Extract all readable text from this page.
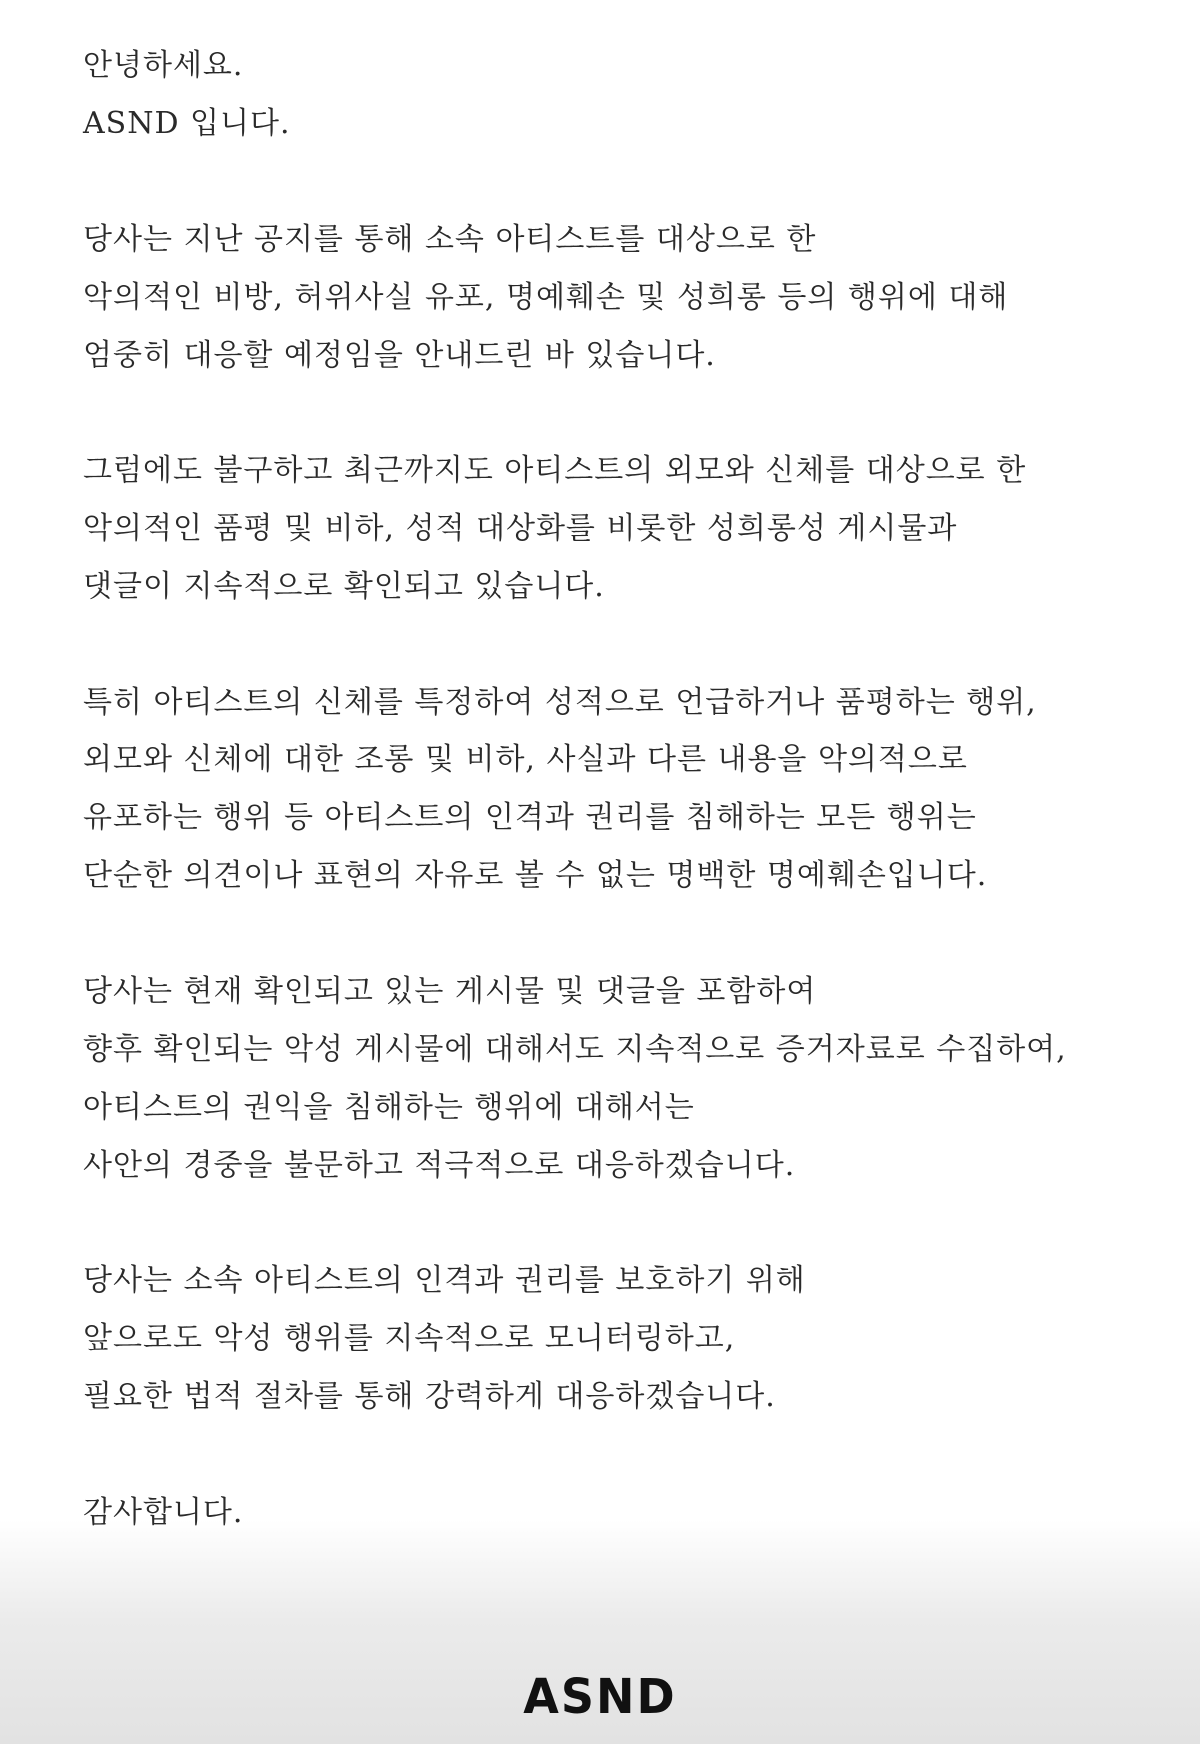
안녕하세요.

ASND 입니다.

당사는 지난 공지를 통해 소속 아티스트를 대상으로 한

악의적인 비방, 허위사실 유포, 명예훼손 및 성희롱 등의 행위에 대해

엄중히 대응할 예정임을 안내드린 바 있습니다.

그럼에도 불구하고 최근까지도 아티스트의 외모와 신체를 대상으로 한

악의적인 품평 및 비하, 성적 대상화를 비롯한 성희롱성 게시물과

댓글이 지속적으로 확인되고 있습니다.

특히 아티스트의 신체를 특정하여 성적으로 언급하거나 품평하는 행위,

외모와 신체에 대한 조롱 및 비하, 사실과 다른 내용을 악의적으로

유포하는 행위 등 아티스트의 인격과 권리를 침해하는 모든 행위는

단순한 의견이나 표현의 자유로 볼 수 없는 명백한 명예훼손입니다.

당사는 현재 확인되고 있는 게시물 및 댓글을 포함하여

향후 확인되는 악성 게시물에 대해서도 지속적으로 증거자료로 수집하여,

아티스트의 권익을 침해하는 행위에 대해서는

사안의 경중을 불문하고 적극적으로 대응하겠습니다.

당사는 소속 아티스트의 인격과 권리를 보호하기 위해

앞으로도 악성 행위를 지속적으로 모니터링하고,

필요한 법적 절차를 통해 강력하게 대응하겠습니다.

감사합니다.

ASND
